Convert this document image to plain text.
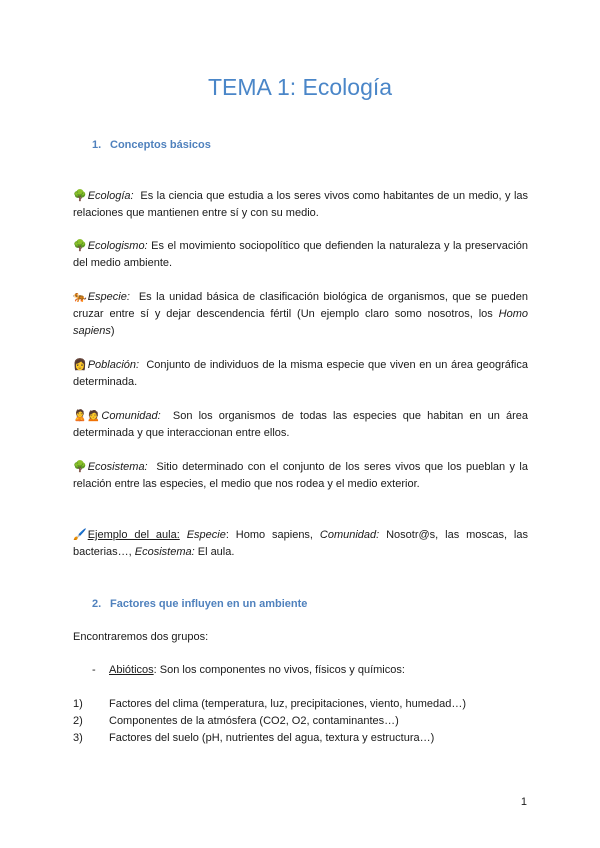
TEMA 1: Ecología
1. Conceptos básicos
🌳Ecología:  Es la ciencia que estudia a los seres vivos como habitantes de un medio, y las relaciones que mantienen entre sí y con su medio.
🌳Ecologismo: Es el movimiento sociopolítico que defienden la naturaleza y la preservación del medio ambiente.
🐅Especie:  Es la unidad básica de clasificación biológica de organismos, que se pueden cruzar entre sí y dejar descendencia fértil (Un ejemplo claro somo nosotros, los Homo sapiens)
👩Población:  Conjunto de individuos de la misma especie que viven en un área geográfica determinada.
🙎🙍Comunidad:  Son los organismos de todas las especies que habitan en un área determinada y que interaccionan entre ellos.
🌳Ecosistema:  Sitio determinado con el conjunto de los seres vivos que los pueblan y la relación entre las especies, el medio que nos rodea y el medio exterior.
🖌️Ejemplo del aula: Especie: Homo sapiens, Comunidad: Nosotr@s, las moscas, las bacterias…, Ecosistema: El aula.
2. Factores que influyen en un ambiente
Encontraremos dos grupos:
- Abióticos: Son los componentes no vivos, físicos y químicos:
1)	Factores del clima (temperatura, luz, precipitaciones, viento, humedad…)
2)	Componentes de la atmósfera (CO2, O2, contaminantes…)
3)	Factores del suelo (pH, nutrientes del agua, textura y estructura…)
1
